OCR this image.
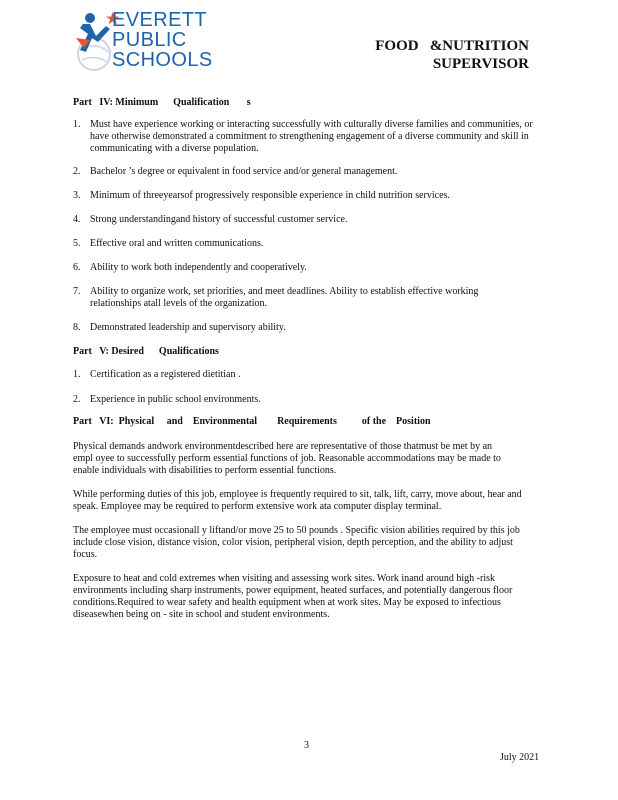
EVERETT
PUBLIC
SCHOOLS
FOOD   &NUTRITION
SUPERVISOR
Part   IV: Minimum      Qualification       s
1. Must have experience working or interacting successfully with culturally diverse families and communities, or have otherwise demonstrated a commitment to strengthening engagement of a diverse community and skill in communicating with a diverse population.
2. Bachelor ’s degree or equivalent in food service and/or general management.
3. Minimum of threeyearsof progressively responsible experience in child nutrition services.
4. Strong understandingand history of successful customer service.
5. Effective oral and written communications.
6. Ability to work both independently and cooperatively.
7. Ability to organize work, set priorities, and meet deadlines. Ability to establish effective working relationships atall levels of the organization.
8. Demonstrated leadership and supervisory ability.
Part   V: Desired      Qualifications
1. Certification as a registered dietitian .
2. Experience in public school environments.
Part   VI:  Physical     and    Environmental        Requirements          of the    Position

Physical demands andwork environmentdescribed here are representative of those thatmust be met by an empl oyee to successfully perform essential functions of job. Reasonable accommodations may be made to enable individuals with disabilities to perform essential functions.

While performing duties of this job, employee is frequently required to sit, talk, lift, carry, move about, hear and speak. Employee may be required to perform extensive work ata computer display terminal.

The employee must occasionall y liftand/or move 25 to 50 pounds . Specific vision abilities required by this job include close vision, distance vision, color vision, peripheral vision, depth perception, and the ability to adjust focus.

Exposure to heat and cold extremes when visiting and assessing work sites. Work inand around high -risk environments including sharp instruments, power equipment, heated surfaces, and potentially dangerous floor conditions.Required to wear safety and health equipment when at work sites. May be exposed to infectious diseasewhen being on - site in school and student environments.

3
July 2021
